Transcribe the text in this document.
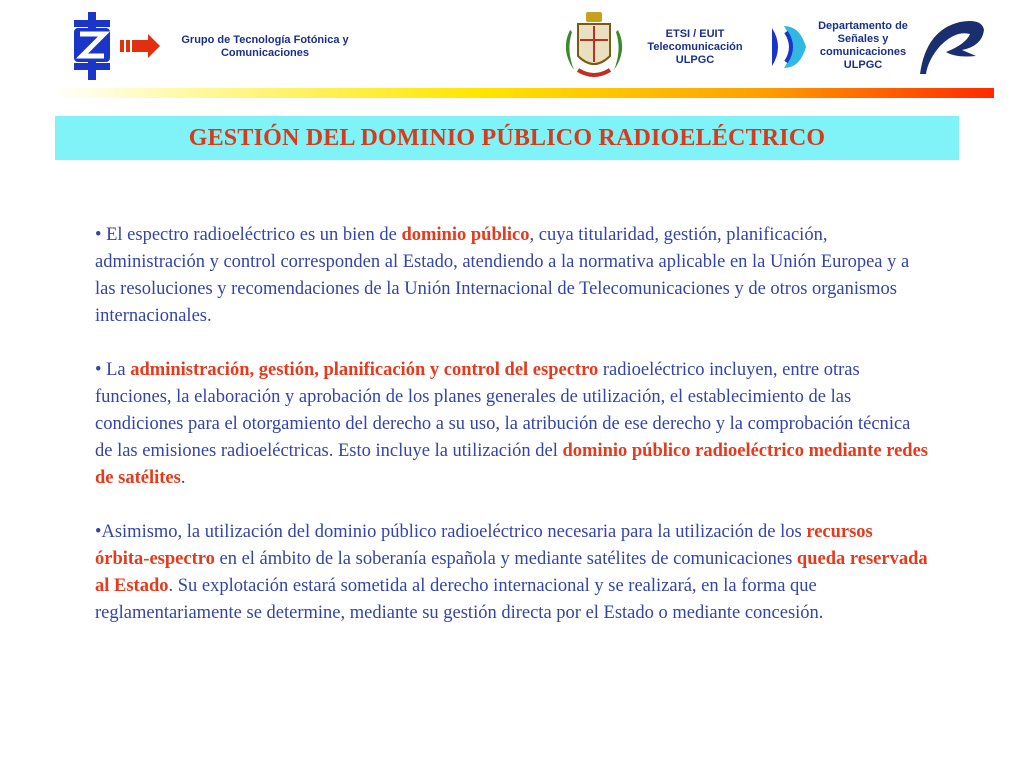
Grupo de Tecnología Fotónica y Comunicaciones
ETSI / EUIT Telecomunicación ULPGC
Departamento de Señales y comunicaciones ULPGC
GESTIÓN DEL DOMINIO PÚBLICO RADIOELÉCTRICO

• El espectro radioeléctrico es un bien de dominio público, cuya titularidad, gestión, planificación, administración y control corresponden al Estado, atendiendo a la normativa aplicable en la Unión Europea y a las resoluciones y recomendaciones de la Unión Internacional de Telecomunicaciones y de otros organismos internacionales.

• La administración, gestión, planificación y control del espectro radioeléctrico incluyen, entre otras funciones, la elaboración y aprobación de los planes generales de utilización, el establecimiento de las condiciones para el otorgamiento del derecho a su uso, la atribución de ese derecho y la comprobación técnica de las emisiones radioeléctricas. Esto incluye la utilización del dominio público radioeléctrico mediante redes de satélites.

•Asimismo, la utilización del dominio público radioeléctrico necesaria para la utilización de los recursos órbita-espectro en el ámbito de la soberanía española y mediante satélites de comunicaciones queda reservada al Estado. Su explotación estará sometida al derecho internacional y se realizará, en la forma que reglamentariamente se determine, mediante su gestión directa por el Estado o mediante concesión.
